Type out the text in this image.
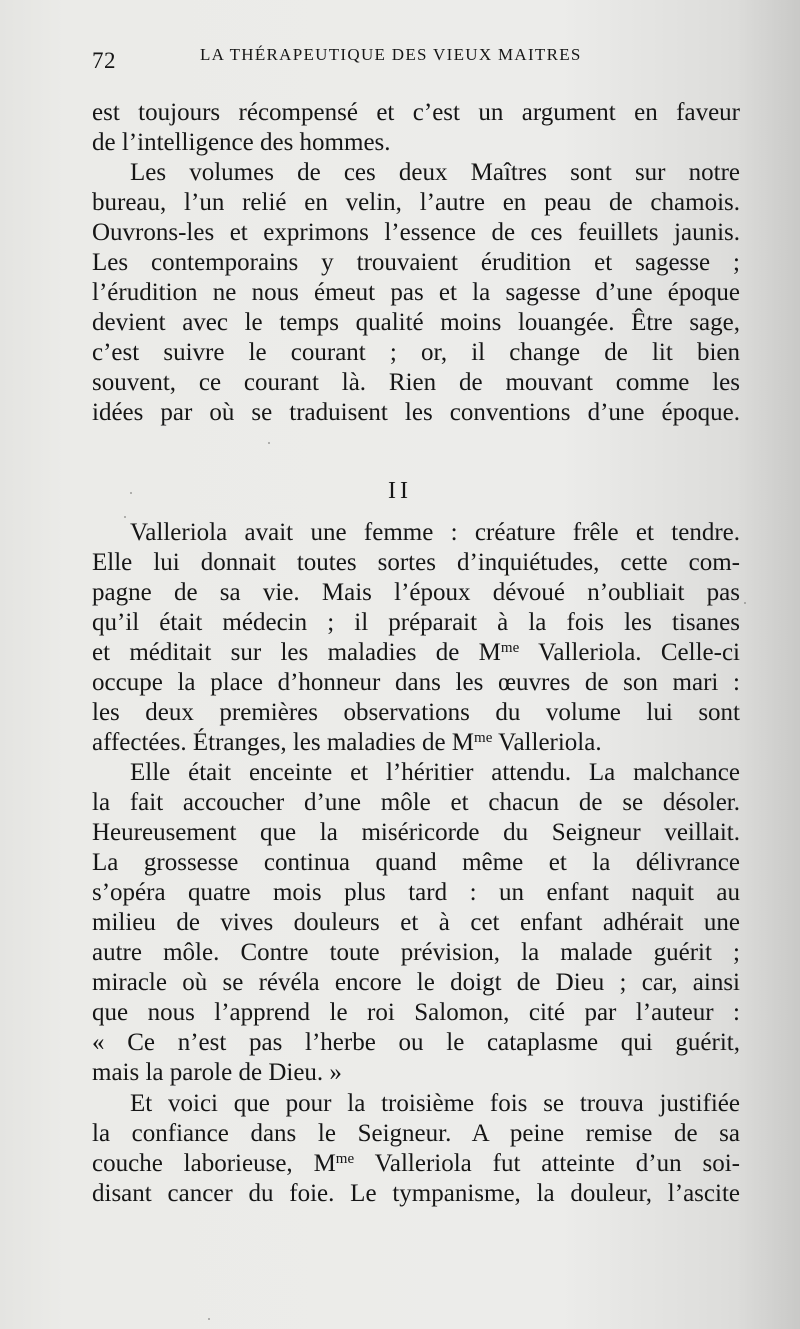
72	LA THÉRAPEUTIQUE DES VIEUX MAITRES
est toujours récompensé et c’est un argument en faveur
de l’intelligence des hommes.
Les volumes de ces deux Maîtres sont sur notre
bureau, l’un relié en velin, l’autre en peau de chamois.
Ouvrons-les et exprimons l’essence de ces feuillets jaunis.
Les contemporains y trouvaient érudition et sagesse ;
l’érudition ne nous émeut pas et la sagesse d’une époque
devient avec le temps qualité moins louangée. Être sage,
c’est suivre le courant ; or, il change de lit bien
souvent, ce courant là. Rien de mouvant comme les
idées par où se traduisent les conventions d’une époque.
II
Valleriola avait une femme : créature frêle et tendre.
Elle lui donnait toutes sortes d’inquiétudes, cette com-
pagne de sa vie. Mais l’époux dévoué n’oubliait pas
qu’il était médecin ; il préparait à la fois les tisanes
et méditait sur les maladies de $M^{me}$ Valleriola. Celle-ci
occupe la place d’honneur dans les œuvres de son mari :
les deux premières observations du volume lui sont
affectées. Étranges, les maladies de $M^{me}$ Valleriola.
Elle était enceinte et l’héritier attendu. La malchance
la fait accoucher d’une môle et chacun de se désoler.
Heureusement que la miséricorde du Seigneur veillait.
La grossesse continua quand même et la délivrance
s’opéra quatre mois plus tard : un enfant naquit au
milieu de vives douleurs et à cet enfant adhérait une
autre môle. Contre toute prévision, la malade guérit ;
miracle où se révéla encore le doigt de Dieu ; car, ainsi
que nous l’apprend le roi Salomon, cité par l’auteur :
« Ce n’est pas l’herbe ou le cataplasme qui guérit,
mais la parole de Dieu. »
Et voici que pour la troisième fois se trouva justifiée
la confiance dans le Seigneur. A peine remise de sa
couche laborieuse, $M^{me}$ Valleriola fut atteinte d’un soi-
disant cancer du foie. Le tympanisme, la douleur, l’ascite
